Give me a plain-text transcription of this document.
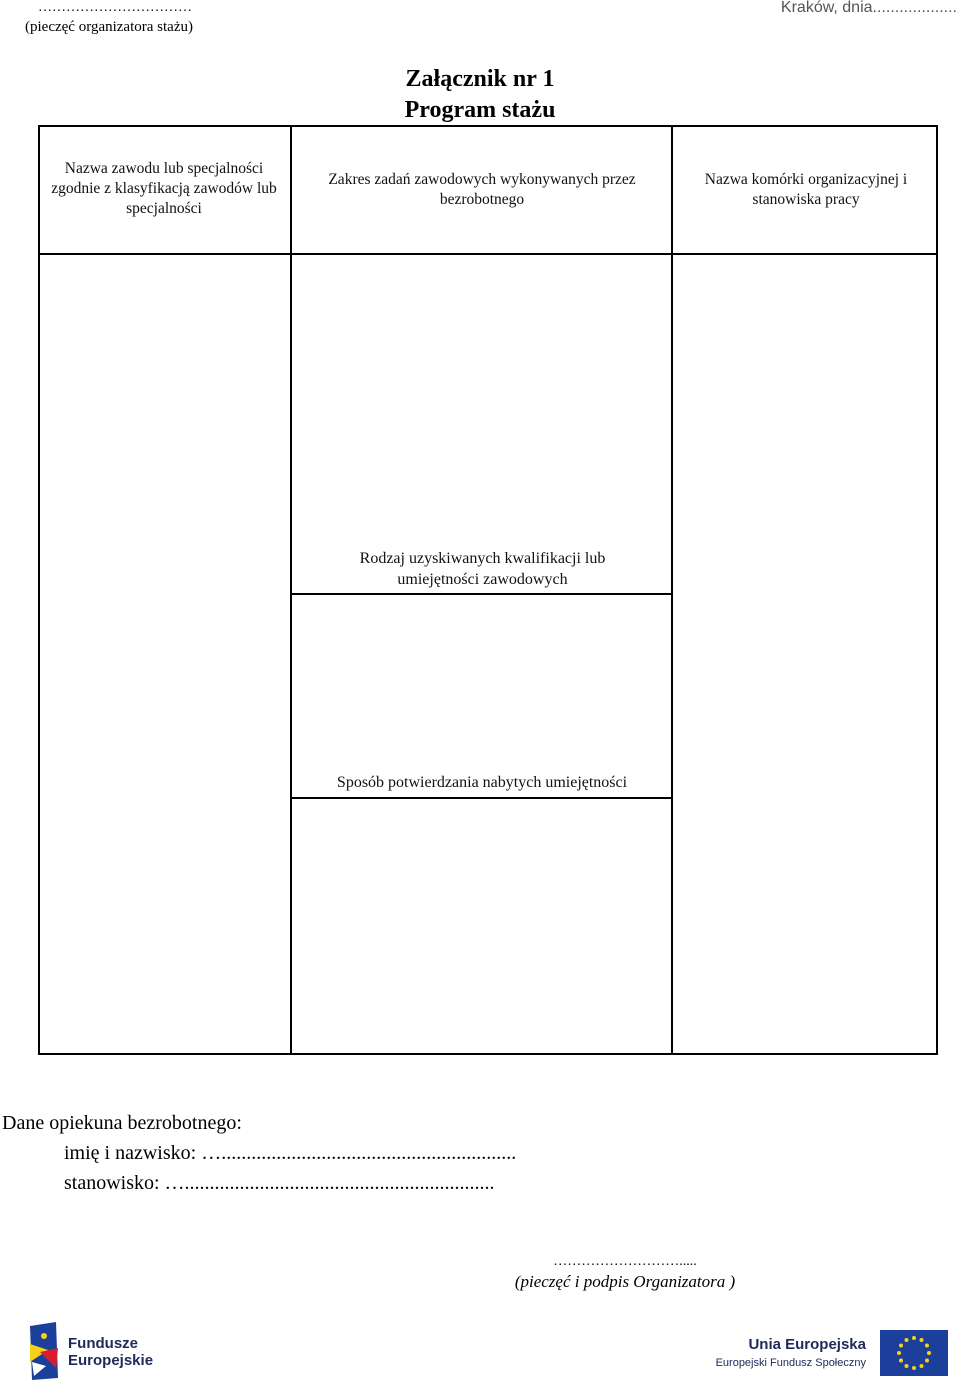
……………………………
(pieczęć organizatora stażu)
Kraków, dnia...................
Załącznik nr 1
Program stażu
Nazwa zawodu lub specjalności zgodnie z klasyfikacją zawodów lub specjalności
Zakres zadań zawodowych wykonywanych przez bezrobotnego
Nazwa komórki organizacyjnej i stanowiska pracy
Rodzaj uzyskiwanych kwalifikacji lub umiejętności zawodowych
Sposób potwierdzania nabytych umiejętności
Dane opiekuna bezrobotnego:
imię i nazwisko: …...........................................................
stanowisko: …..............................................................
……………………….....
(pieczęć i podpis Organizatora )
Fundusze
Europejskie
Unia Europejska
Europejski Fundusz Społeczny
